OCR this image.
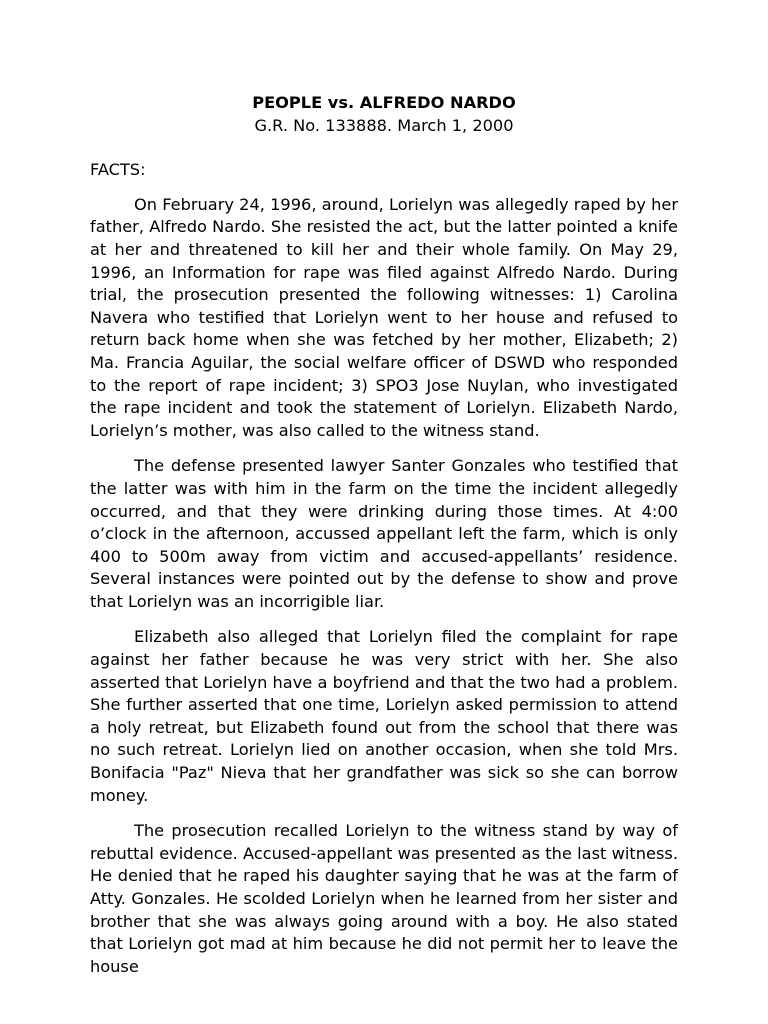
PEOPLE vs. ALFREDO NARDO

G.R. No. 133888. March 1, 2000

FACTS:

On February 24, 1996, around, Lorielyn was allegedly raped by her father, Alfredo Nardo. She resisted the act, but the latter pointed a knife at her and threatened to kill her and their whole family. On May 29, 1996, an Information for rape was filed against Alfredo Nardo. During trial, the prosecution presented the following witnesses: 1) Carolina Navera who testified that Lorielyn went to her house and refused to return back home when she was fetched by her mother, Elizabeth; 2) Ma. Francia Aguilar, the social welfare officer of DSWD who responded to the report of rape incident; 3) SPO3 Jose Nuylan, who investigated the rape incident and took the statement of Lorielyn. Elizabeth Nardo, Lorielyn’s mother, was also called to the witness stand.

The defense presented lawyer Santer Gonzales who testified that the latter was with him in the farm on the time the incident allegedly occurred, and that they were drinking during those times. At 4:00 o’clock in the afternoon, accussed appellant left the farm, which is only 400 to 500m away from victim and accused-appellants’ residence. Several instances were pointed out by the defense to show and prove that Lorielyn was an incorrigible liar.

Elizabeth also alleged that Lorielyn filed the complaint for rape against her father because he was very strict with her. She also asserted that Lorielyn have a boyfriend and that the two had a problem. She further asserted that one time, Lorielyn asked permission to attend a holy retreat, but Elizabeth found out from the school that there was no such retreat. Lorielyn lied on another occasion, when she told Mrs. Bonifacia "Paz" Nieva that her grandfather was sick so she can borrow money.

The prosecution recalled Lorielyn to the witness stand by way of rebuttal evidence. Accused-appellant was presented as the last witness. He denied that he raped his daughter saying that he was at the farm of Atty. Gonzales. He scolded Lorielyn when he learned from her sister and brother that she was always going around with a boy. He also stated that Lorielyn got mad at him because he did not permit her to leave the house
